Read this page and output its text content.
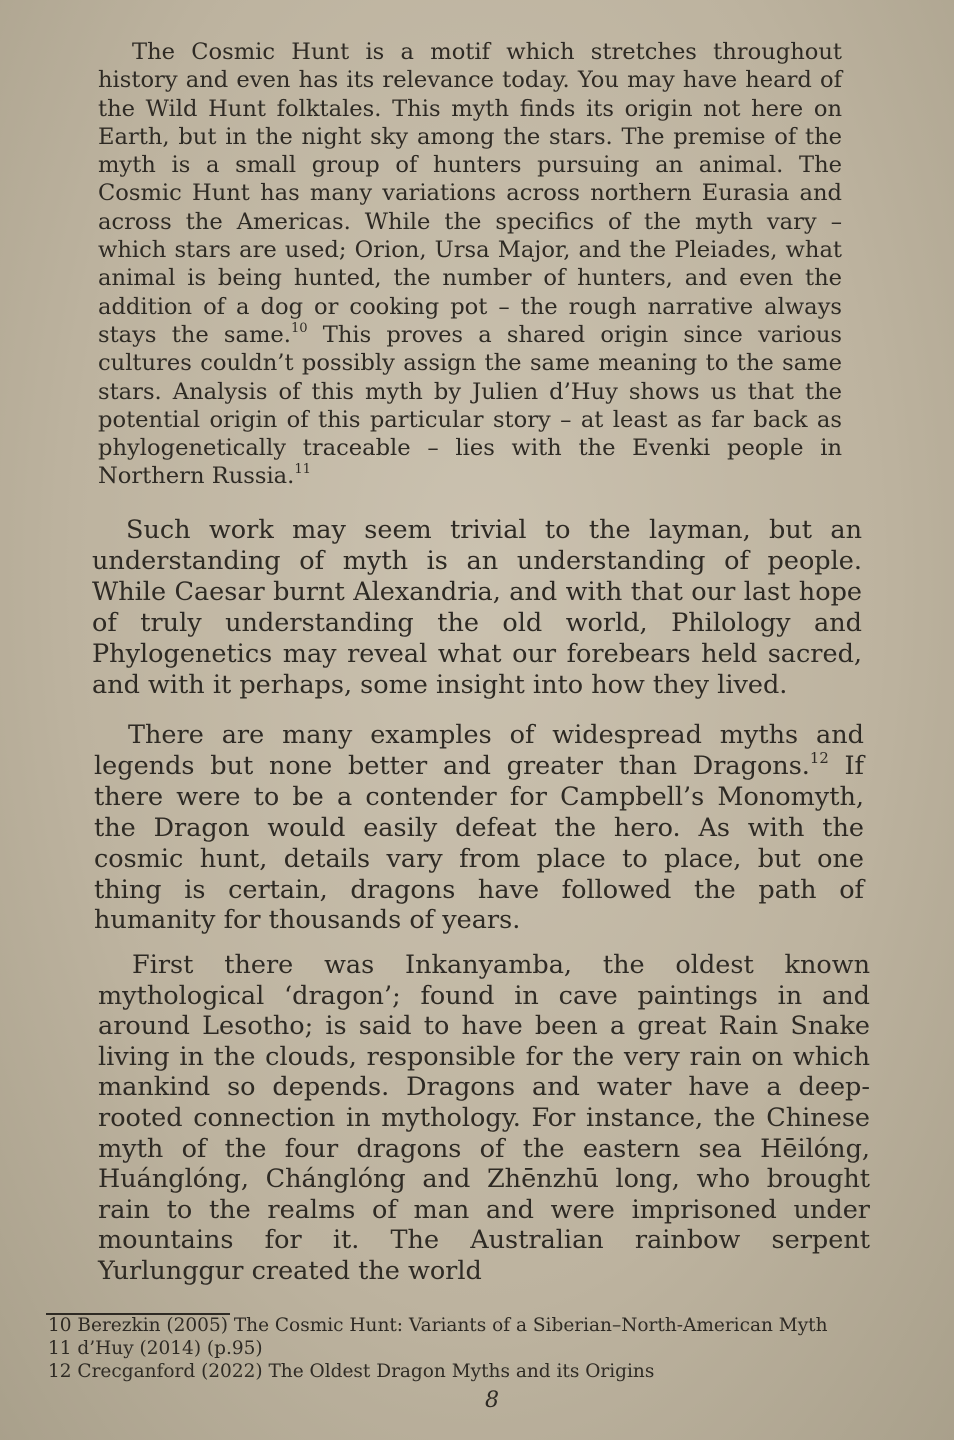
The Cosmic Hunt is a motif which stretches throughout history and even has its relevance today. You may have heard of the Wild Hunt folktales. This myth finds its origin not here on Earth, but in the night sky among the stars. The premise of the myth is a small group of hunters pursuing an animal. The Cosmic Hunt has many variations across northern Eurasia and across the Americas. While the specifics of the myth vary – which stars are used; Orion, Ursa Major, and the Pleiades, what animal is being hunted, the number of hunters, and even the addition of a dog or cooking pot – the rough narrative always stays the same.$^{10}$ This proves a shared origin since various cultures couldn’t possibly assign the same meaning to the same stars. Analysis of this myth by Julien d’Huy shows us that the potential origin of this particular story – at least as far back as phylogenetically traceable – lies with the Evenki people in Northern Russia.$^{11}$

Such work may seem trivial to the layman, but an understanding of myth is an understanding of people. While Caesar burnt Alexandria, and with that our last hope of truly understanding the old world, Philology and Phylogenetics may reveal what our forebears held sacred, and with it perhaps, some insight into how they lived.

There are many examples of widespread myths and legends but none better and greater than Dragons.$^{12}$ If there were to be a contender for Campbell’s Monomyth, the Dragon would easily defeat the hero. As with the cosmic hunt, details vary from place to place, but one thing is certain, dragons have followed the path of humanity for thousands of years.

First there was Inkanyamba, the oldest known mythological ‘dragon’; found in cave paintings in and around Lesotho; is said to have been a great Rain Snake living in the clouds, responsible for the very rain on which mankind so depends. Dragons and water have a deep-rooted connection in mythology. For instance, the Chinese myth of the four dragons of the eastern sea Hēilóng, Huánglóng, Chánglóng and Zhēnzhū long, who brought rain to the realms of man and were imprisoned under mountains for it. The Australian rainbow serpent Yurlunggur created the world

10 Berezkin (2005) The Cosmic Hunt: Variants of a Siberian–North-American Myth
11 d’Huy (2014) (p.95)
12 Crecganford (2022) The Oldest Dragon Myths and its Origins
8
